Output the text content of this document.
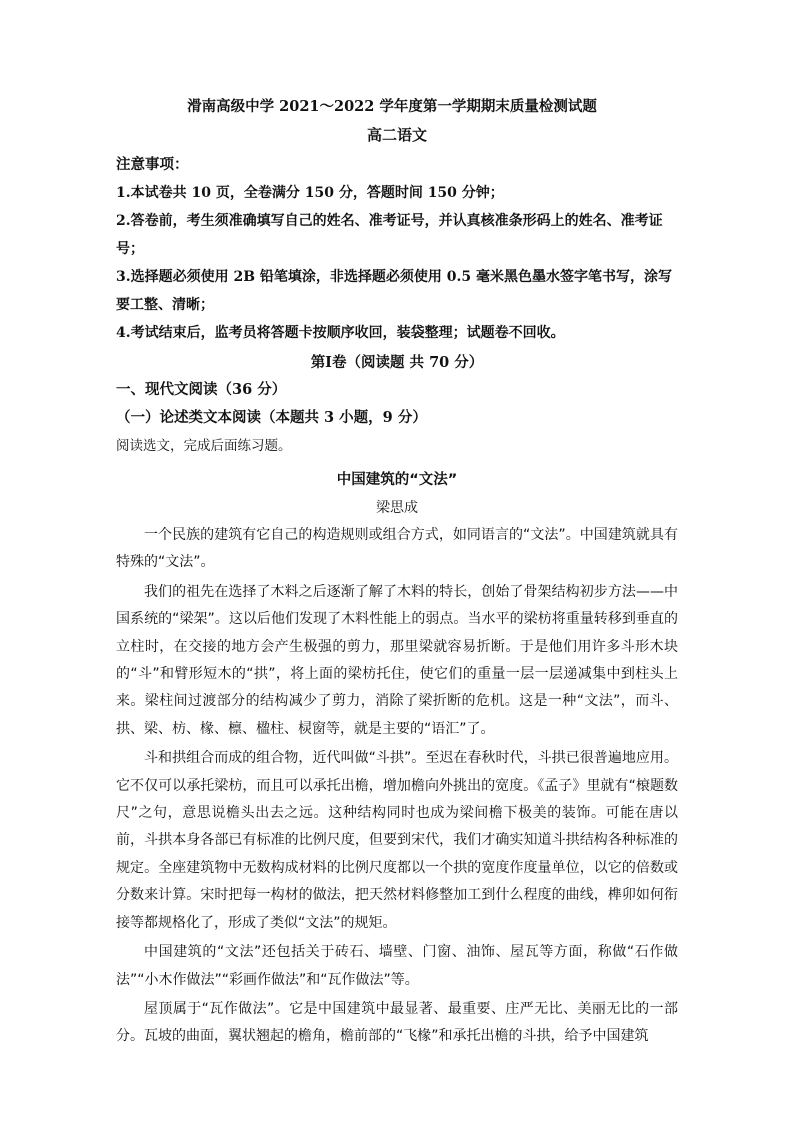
滑南高级中学 2021～2022 学年度第一学期期末质量检测试题
高二语文
注意事项：

1.本试卷共 10 页，全卷满分 150 分，答题时间 150 分钟；

2.答卷前，考生须准确填写自己的姓名、准考证号，并认真核准条形码上的姓名、准考证号；

3.选择题必须使用 2B 铅笔填涂，非选择题必须使用 0.5 毫米黑色墨水签字笔书写，涂写要工整、清晰；

4.考试结束后，监考员将答题卡按顺序收回，装袋整理；试题卷不回收。

第Ⅰ卷（阅读题 共 70 分）
一、现代文阅读（36 分）
（一）论述类文本阅读（本题共 3 小题，9 分）
阅读选文，完成后面练习题。
中国建筑的“文法”
梁思成

一个民族的建筑有它自己的构造规则或组合方式，如同语言的“文法”。中国建筑就具有特殊的“文法”。

我们的祖先在选择了木料之后逐渐了解了木料的特长，创始了骨架结构初步方法——中国系统的“梁架”。这以后他们发现了木料性能上的弱点。当水平的梁枋将重量转移到垂直的立柱时，在交接的地方会产生极强的剪力，那里梁就容易折断。于是他们用许多斗形木块的“斗”和臂形短木的“拱”，将上面的梁枋托住，使它们的重量一层一层递减集中到柱头上来。梁柱间过渡部分的结构减少了剪力，消除了梁折断的危机。这是一种“文法”，而斗、拱、梁、枋、椽、檩、楹柱、棂窗等，就是主要的“语汇”了。

斗和拱组合而成的组合物，近代叫做“斗拱”。至迟在春秋时代，斗拱已很普遍地应用。它不仅可以承托梁枋，而且可以承托出檐，增加檐向外挑出的宽度。《孟子》里就有“榱题数尺”之句，意思说檐头出去之远。这种结构同时也成为梁间檐下极美的装饰。可能在唐以前，斗拱本身各部已有标准的比例尺度，但要到宋代，我们才确实知道斗拱结构各种标准的规定。全座建筑物中无数构成材料的比例尺度都以一个拱的宽度作度量单位，以它的倍数或分数来计算。宋时把每一构材的做法，把天然材料修整加工到什么程度的曲线，榫卯如何衔接等都规格化了，形成了类似“文法”的规矩。

中国建筑的“文法”还包括关于砖石、墙壁、门窗、油饰、屋瓦等方面，称做“石作做法”“小木作做法”“彩画作做法”和“瓦作做法”等。

屋顶属于“瓦作做法”。它是中国建筑中最显著、最重要、庄严无比、美丽无比的一部分。瓦坡的曲面，翼状翘起的檐角，檐前部的“飞椽”和承托出檐的斗拱，给予中国建筑
